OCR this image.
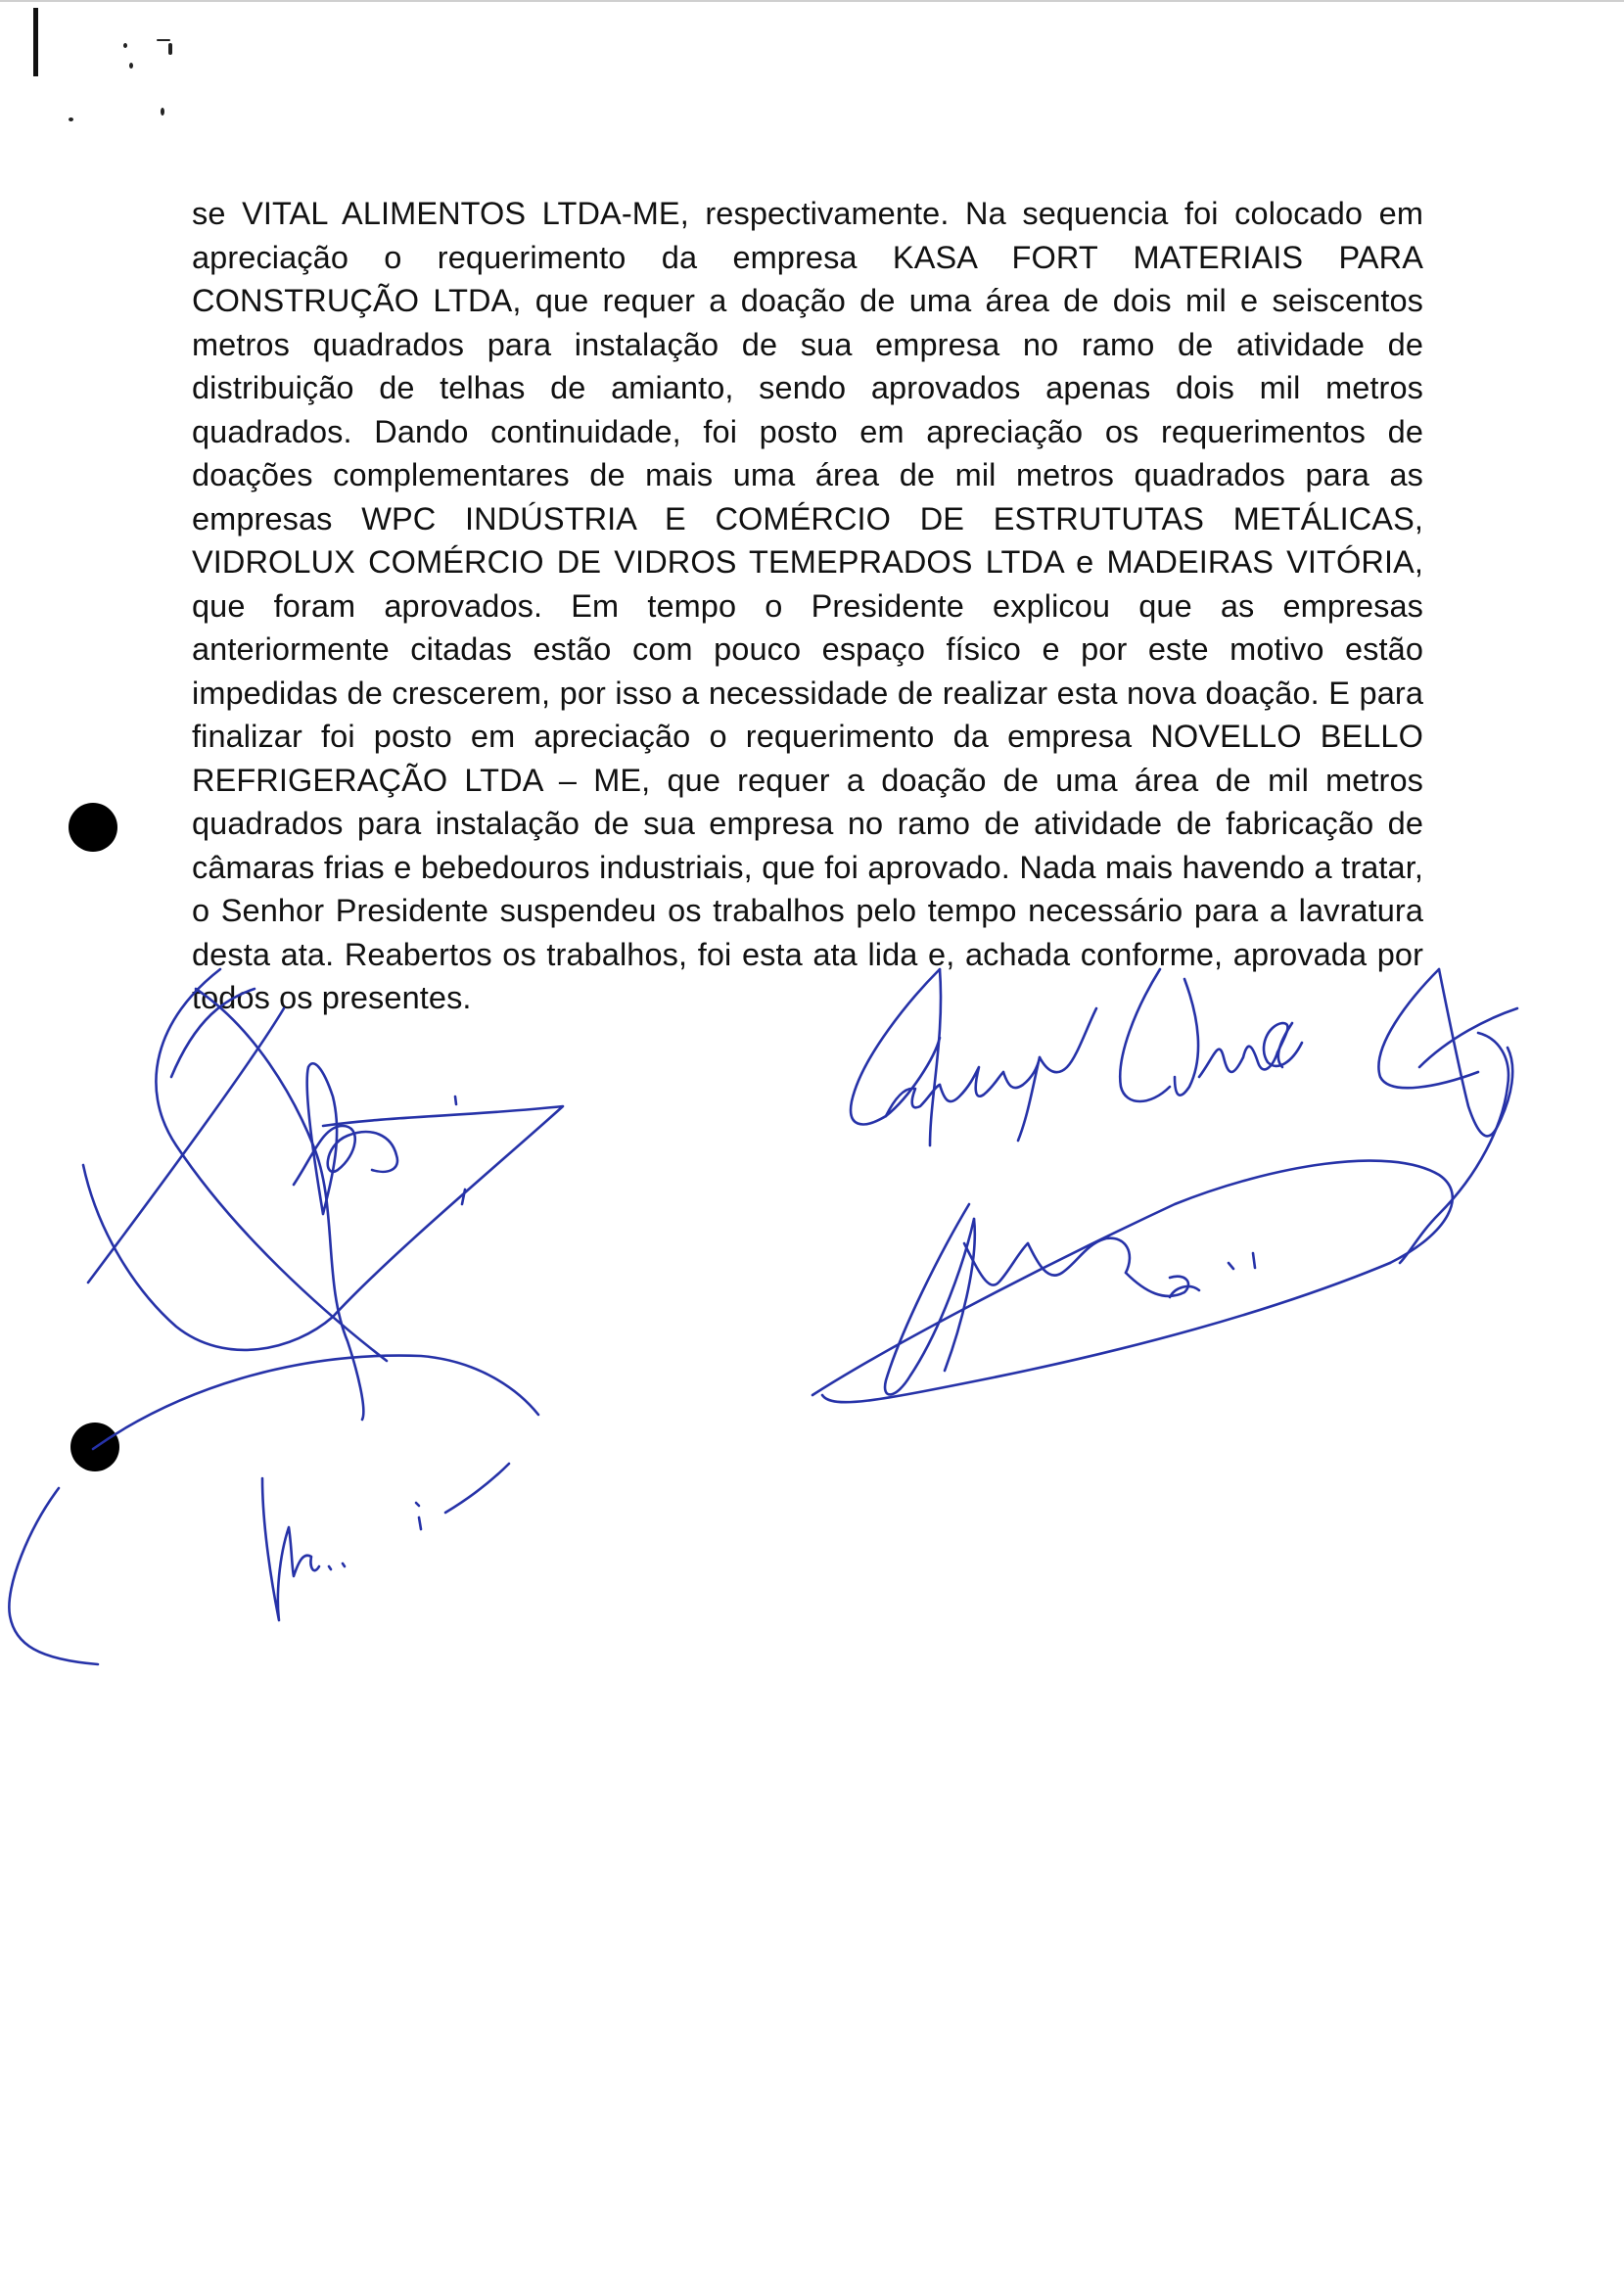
se VITAL ALIMENTOS LTDA-ME, respectivamente. Na sequencia foi colocado em apreciação o requerimento da empresa KASA FORT MATERIAIS PARA CONSTRUÇÃO LTDA, que requer a doação de uma área de dois mil e seiscentos metros quadrados para instalação de sua empresa no ramo de atividade de distribuição de telhas de amianto, sendo aprovados apenas dois mil metros quadrados. Dando continuidade, foi posto em apreciação os requerimentos de doações complementares de mais uma área de mil metros quadrados para as empresas WPC INDÚSTRIA E COMÉRCIO DE ESTRUTUTAS METÁLICAS, VIDROLUX COMÉRCIO DE VIDROS TEMEPRADOS LTDA e MADEIRAS VITÓRIA, que foram aprovados. Em tempo o Presidente explicou que as empresas anteriormente citadas estão com pouco espaço físico e por este motivo estão impedidas de crescerem, por isso a necessidade de realizar esta nova doação. E para finalizar foi posto em apreciação o requerimento da empresa NOVELLO BELLO REFRIGERAÇÃO LTDA – ME, que requer a doação de uma área de mil metros quadrados para instalação de sua empresa no ramo de atividade de fabricação de câmaras frias e bebedouros industriais, que foi aprovado. Nada mais havendo a tratar, o Senhor Presidente suspendeu os trabalhos pelo tempo necessário para a lavratura desta ata. Reabertos os trabalhos, foi esta ata lida e, achada conforme, aprovada por todos os presentes.
